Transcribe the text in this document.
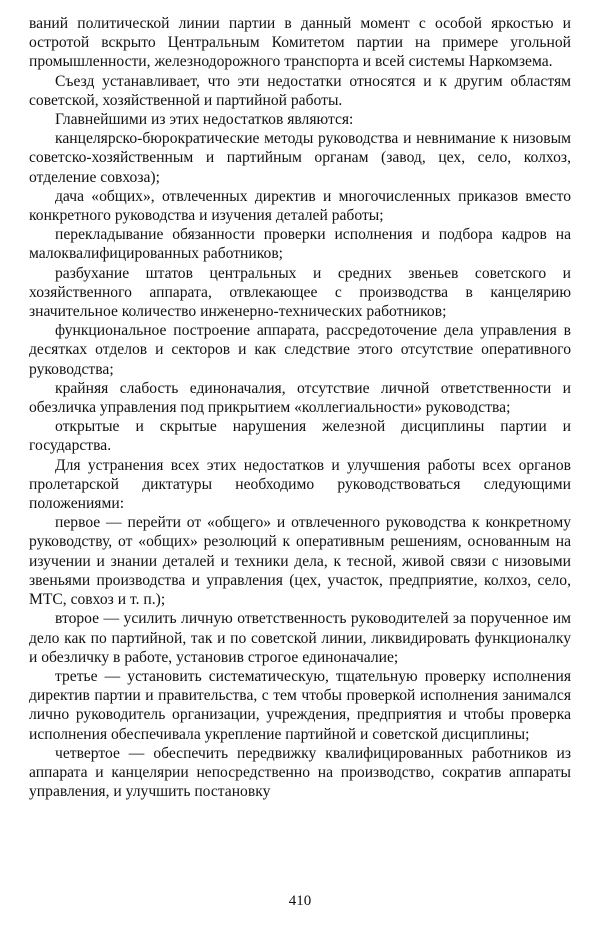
ваний политической линии партии в данный момент с особой яркостью и остротой вскрыто Центральным Комитетом партии на примере угольной промышленности, железнодорожного транспорта и всей системы Наркомзема.

Съезд устанавливает, что эти недостатки относятся и к другим областям советской, хозяйственной и партийной работы.

Главнейшими из этих недостатков являются:

канцелярско-бюрократические методы руководства и невнимание к низовым советско-хозяйственным и партийным органам (завод, цех, село, колхоз, отделение совхоза);

дача «общих», отвлеченных директив и многочисленных приказов вместо конкретного руководства и изучения деталей работы;

перекладывание обязанности проверки исполнения и подбора кадров на малоквалифицированных работников;

разбухание штатов центральных и средних звеньев советского и хозяйственного аппарата, отвлекающее с производства в канцелярию значительное количество инженерно-технических работников;

функциональное построение аппарата, рассредоточение дела управления в десятках отделов и секторов и как следствие этого отсутствие оперативного руководства;

крайняя слабость единоначалия, отсутствие личной ответственности и обезличка управления под прикрытием «коллегиальности» руководства;

открытые и скрытые нарушения железной дисциплины партии и государства.

Для устранения всех этих недостатков и улучшения работы всех органов пролетарской диктатуры необходимо руководствоваться следующими положениями:

первое — перейти от «общего» и отвлеченного руководства к конкретному руководству, от «общих» резолюций к оперативным решениям, основанным на изучении и знании деталей и техники дела, к тесной, живой связи с низовыми звеньями производства и управления (цех, участок, предприятие, колхоз, село, МТС, совхоз и т. п.);

второе — усилить личную ответственность руководителей за порученное им дело как по партийной, так и по советской линии, ликвидировать функционалку и обезличку в работе, установив строгое единоначалие;

третье — установить систематическую, тщательную проверку исполнения директив партии и правительства, с тем чтобы проверкой исполнения занимался лично руководитель организации, учреждения, предприятия и чтобы проверка исполнения обеспечивала укрепление партийной и советской дисциплины;

четвертое — обеспечить передвижку квалифицированных работников из аппарата и канцелярии непосредственно на производство, сократив аппараты управления, и улучшить постановку

410
